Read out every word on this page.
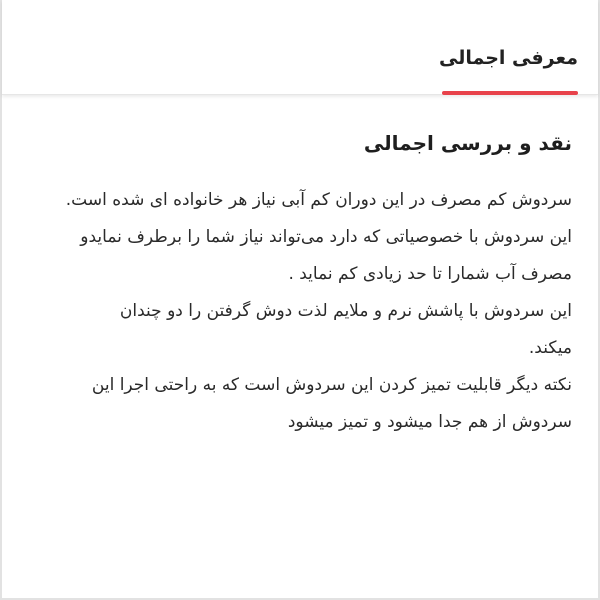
معرفی اجمالی
نقد و بررسی اجمالی
سردوش کم مصرف در این دوران کم آبی نیاز هر خانواده ای شده است.
این سردوش با خصوصیاتی که دارد می‌تواند نیاز شما را برطرف نمایدو
مصرف آب شمارا تا حد زیادی کم نماید .
این سردوش با پاشش نرم و ملایم لذت دوش گرفتن را دو چندان
میکند.
نکته دیگر قابلیت تمیز کردن این سردوش است که به راحتی اجرا این
سردوش از هم جدا میشود و تمیز میشود
